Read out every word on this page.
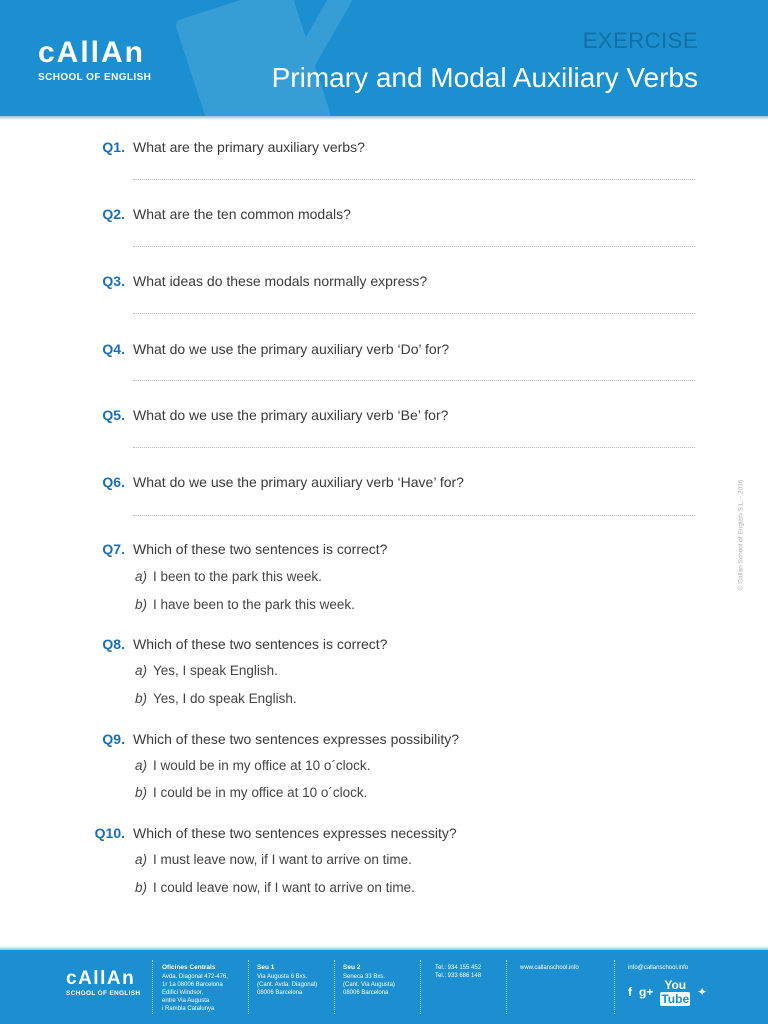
cAllAn
SCHOOL OF ENGLISH
EXERCISE
Primary and Modal Auxiliary Verbs
Q1. What are the primary auxiliary verbs?
Q2. What are the ten common modals?
Q3. What ideas do these modals normally express?
Q4. What do we use the primary auxiliary verb ‘Do’ for?
Q5. What do we use the primary auxiliary verb ‘Be’ for?
Q6. What do we use the primary auxiliary verb ‘Have’ for?
Q7. Which of these two sentences is correct?
a) I been to the park this week.
b) I have been to the park this week.
Q8. Which of these two sentences is correct?
a) Yes, I speak English.
b) Yes, I do speak English.
Q9. Which of these two sentences expresses possibility?
a) I would be in my office at 10 o´clock.
b) I could be in my office at 10 o´clock.
Q10. Which of these two sentences expresses necessity?
a) I must leave now, if I want to arrive on time.
b) I could leave now, if I want to arrive on time.
© Callan School of English S.L. - 2016
cAllAn
SCHOOL OF ENGLISH
Oficines Centrals
Avda. Diagonal 472-476,
1r 1a 08006 Barcelona
Edifici Windsor,
entre Via Augusta
i Rambla Catalunya
Seu 1
Via Augusta 6 Bxs.
(Cant. Avda. Diagonal)
08006 Barcelona
Seu 2
Seneca 33 Bxs.
(Cant. Via Augusta)
08006 Barcelona
Tel.: 934 155 452
Tel.: 933 686 148
www.callanschool.info	info@callanschool.info
f g+ You
Tube ✦
